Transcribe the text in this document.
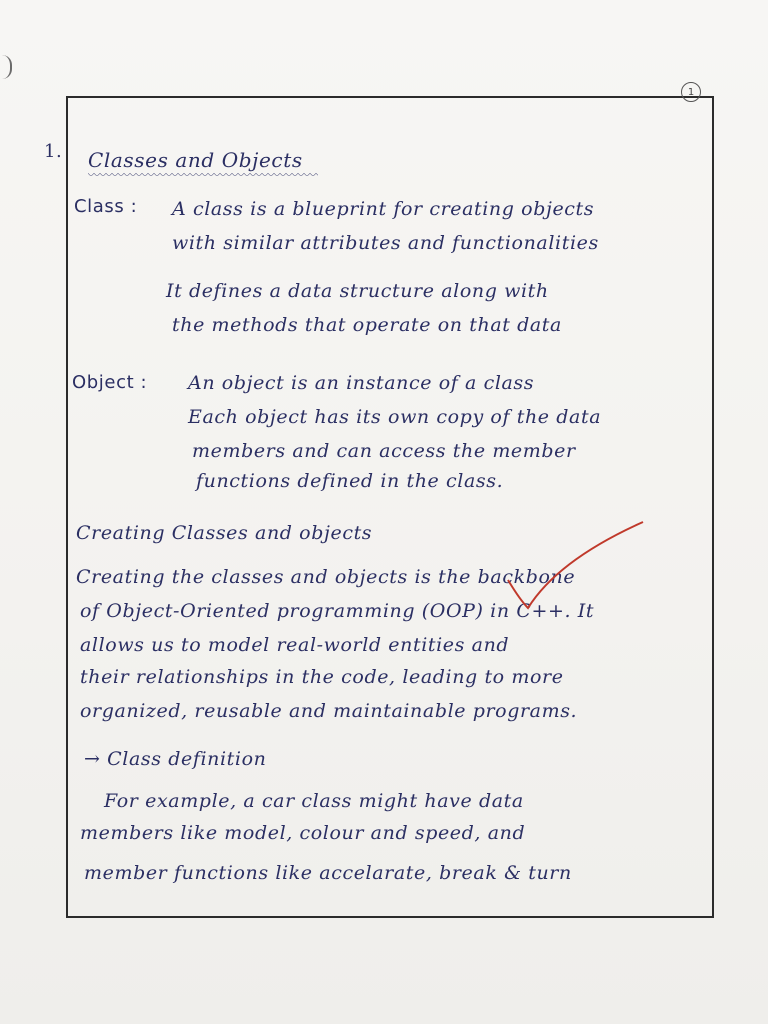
1
1. Classes and Objects
Class : A class is a blueprint for creating objects
with similar attributes and functionalities
It defines a data structure along with
the methods that operate on that data
Object : An object is an instance of a class
Each object has its own copy of the data
members and can access the member
functions defined in the class.
Creating Classes and objects
Creating the classes and objects is the backbone
of Object-Oriented programming (OOP) in C++. It
allows us to model real-world entities and
their relationships in the code, leading to more
organized, reusable and maintainable programs.
→ Class definition
For example, a car class might have data
members like model, colour and speed, and
member functions like accelarate, break & turn
